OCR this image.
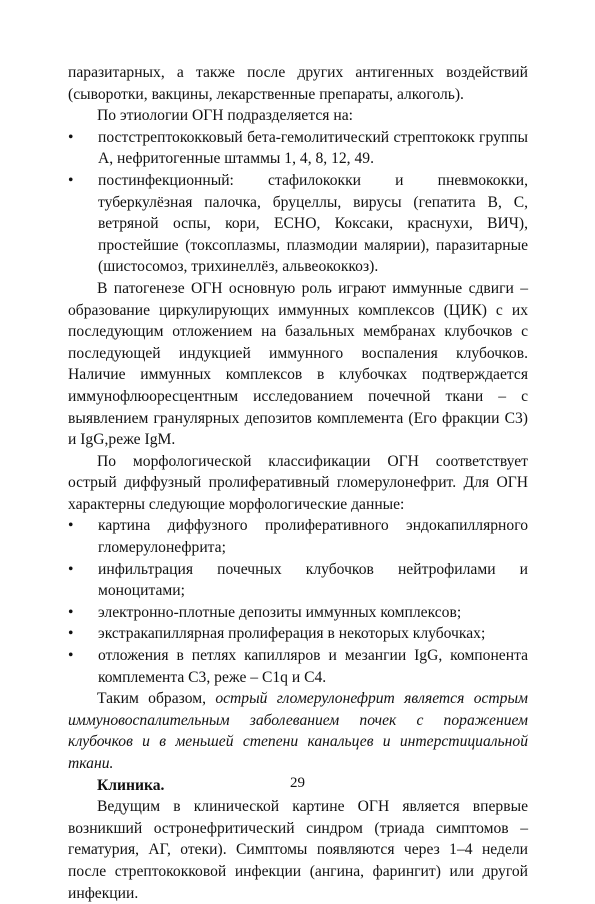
паразитарных, а также после других антигенных воздействий (сыворотки, вакцины, лекарственные препараты, алкоголь).

По этиологии ОГН подразделяется на:

•	постстрептококковый бета-гемолитический стрептококк группы А, нефритогенные штаммы 1, 4, 8, 12, 49.
•	постинфекционный: стафилококки и пневмококки, туберкулёзная палочка, бруцеллы, вирусы (гепатита В, С, ветряной оспы, кори, ЕСНО, Коксаки, краснухи, ВИЧ), простейшие (токсоплазмы, плазмодии малярии), паразитарные (шистосомоз, трихинеллёз, альвеококкоз).

В патогенезе ОГН основную роль играют иммунные сдвиги – образование циркулирующих иммунных комплексов (ЦИК) с их последующим отложением на базальных мембранах клубочков с последующей индукцией иммунного воспаления клубочков. Наличие иммунных комплексов в клубочках подтверждается иммунофлюоресцентным исследованием почечной ткани – с выявлением гранулярных депозитов комплемента (Его фракции С3) и IgG,реже IgM.

По морфологической классификации ОГН соответствует острый диффузный пролиферативный гломерулонефрит. Для ОГН характерны следующие морфологические данные:

•	картина диффузного пролиферативного эндокапиллярного гломерулонефрита;
•	инфильтрация почечных клубочков нейтрофилами и моноцитами;
•	электронно-плотные депозиты иммунных комплексов;
•	экстракапиллярная пролиферация в некоторых клубочках;
•	отложения в петлях капилляров и мезангии IgG, компонента комплемента С3, реже – С1q и С4.

Таким образом, острый гломерулонефрит является острым иммуновоспалительным заболеванием почек с поражением клубочков и в меньшей степени канальцев и интерстициальной ткани.

Клиника.

Ведущим в клинической картине ОГН является впервые возникший остронефритический синдром (триада симптомов – гематурия, АГ, отеки). Симптомы появляются через 1–4 недели после стрептококковой инфекции (ангина, фарингит) или другой инфекции.

29
